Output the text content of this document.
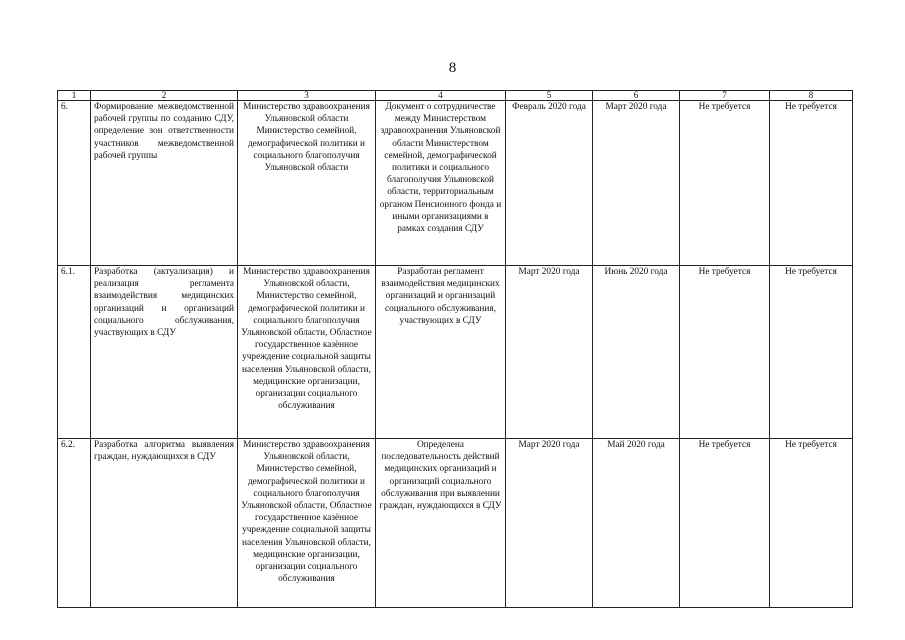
8
1	2	3	4	5	6	7	8
6.	Формирование межведомственной рабочей группы по созданию СДУ, определение зон ответственности участников межведомственной рабочей группы	Министерство здравоохранения Ульяновской области Министерство семейной, демографической политики и социального благополучия Ульяновской области	Документ о сотрудничестве между Министерством здравоохранения Ульяновской области Министерством семейной, демографической политики и социального благополучия Ульяновской области, территориальным органом Пенсионного фонда и иными организациями в рамках создания СДУ	Февраль 2020 года	Март 2020 года	Не требуется	Не требуется
6.1.	Разработка (актуализация) и реализация регламента взаимодействия медицинских организаций и организаций социального обслуживания, участвующих в СДУ	Министерство здравоохранения Ульяновской области, Министерство семейной, демографической политики и социального благополучия Ульяновской области, Областное государственное казённое учреждение социальной защиты населения Ульяновской области, медицинские организации, организации социального обслуживания	Разработан регламент взаимодействия медицинских организаций и организаций социального обслуживания, участвующих в СДУ	Март 2020 года	Июнь 2020 года	Не требуется	Не требуется
6.2.	Разработка алгоритма выявления граждан, нуждающихся в СДУ	Министерство здравоохранения Ульяновской области, Министерство семейной, демографической политики и социального благополучия Ульяновской области, Областное государственное казённое учреждение социальной защиты населения Ульяновской области, медицинские организации, организации социального обслуживания	Определена последовательность действий медицинских организаций и организаций социального обслуживания при выявлении граждан, нуждающихся в СДУ	Март 2020 года	Май 2020 года	Не требуется	Не требуется
